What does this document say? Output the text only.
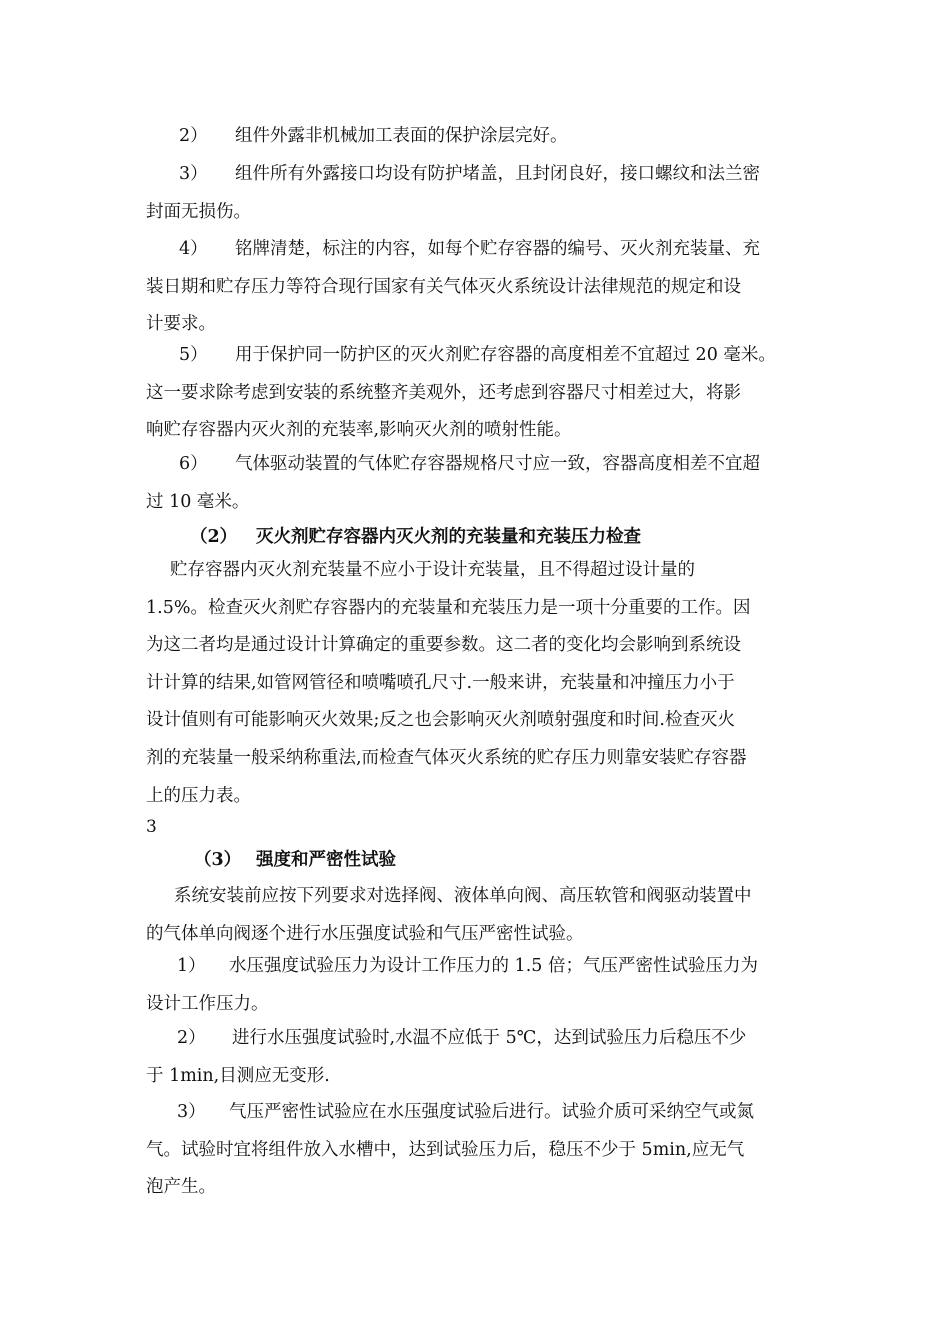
2） 组件外露非机械加工表面的保护涂层完好。
3） 组件所有外露接口均设有防护堵盖，且封闭良好，接口螺纹和法兰密
封面无损伤。
4） 铭牌清楚，标注的内容，如每个贮存容器的编号、灭火剂充装量、充
装日期和贮存压力等符合现行国家有关气体灭火系统设计法律规范的规定和设
计要求。
5） 用于保护同一防护区的灭火剂贮存容器的高度相差不宜超过 20 毫米。
这一要求除考虑到安装的系统整齐美观外，还考虑到容器尺寸相差过大，将影
响贮存容器内灭火剂的充装率,影响灭火剂的喷射性能。
6） 气体驱动装置的气体贮存容器规格尺寸应一致，容器高度相差不宜超
过 10 毫米。
（2） 灭火剂贮存容器内灭火剂的充装量和充装压力检查
贮存容器内灭火剂充装量不应小于设计充装量，且不得超过设计量的
1.5%。检查灭火剂贮存容器内的充装量和充装压力是一项十分重要的工作。因
为这二者均是通过设计计算确定的重要参数。这二者的变化均会影响到系统设
计计算的结果,如管网管径和喷嘴喷孔尺寸.一般来讲，充装量和冲撞压力小于
设计值则有可能影响灭火效果;反之也会影响灭火剂喷射强度和时间.检查灭火
剂的充装量一般采纳称重法,而检查气体灭火系统的贮存压力则靠安装贮存容器
上的压力表。
3
（3） 强度和严密性试验
系统安装前应按下列要求对选择阀、液体单向阀、高压软管和阀驱动装置中
的气体单向阀逐个进行水压强度试验和气压严密性试验。
1） 水压强度试验压力为设计工作压力的 1.5 倍；气压严密性试验压力为
设计工作压力。
2） 进行水压强度试验时,水温不应低于 5℃，达到试验压力后稳压不少
于 1min,目测应无变形.
3） 气压严密性试验应在水压强度试验后进行。试验介质可采纳空气或氮
气。试验时宜将组件放入水槽中，达到试验压力后，稳压不少于 5min,应无气
泡产生。
